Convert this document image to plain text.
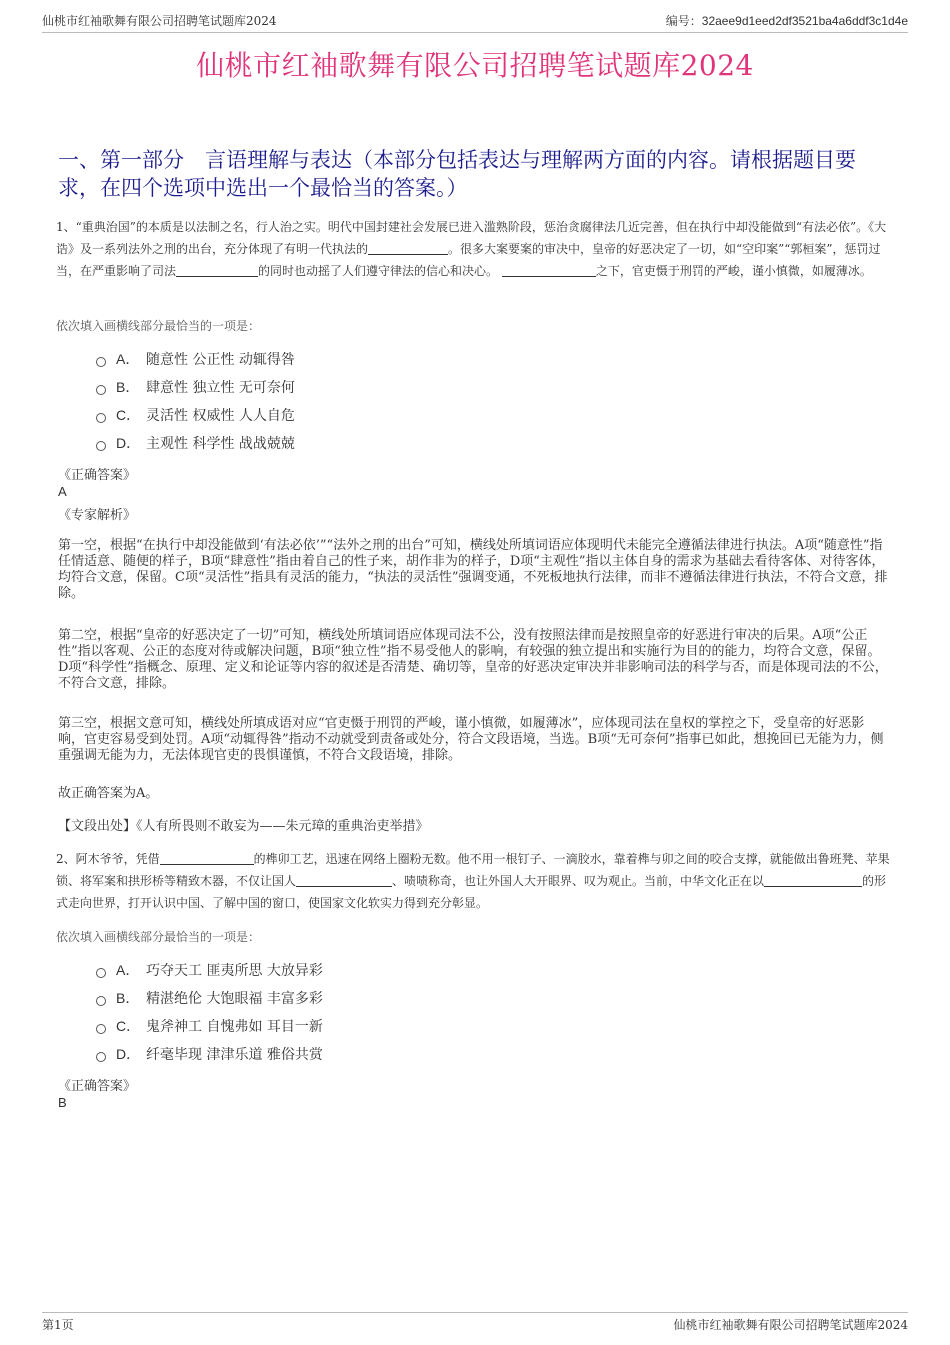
仙桃市红袖歌舞有限公司招聘笔试题库2024	编号：32aee9d1eed2df3521ba4a6ddf3c1d4e
仙桃市红袖歌舞有限公司招聘笔试题库2024
一、第一部分　言语理解与表达（本部分包括表达与理解两方面的内容。请根据题目要求，在四个选项中选出一个最恰当的答案。）
1、“重典治国”的本质是以法制之名，行人治之实。明代中国封建社会发展已进入滥熟阶段，惩治贪腐律法几近完善，但在执行中却没能做到“有法必依”。《大诰》及一系列法外之刑的出台，充分体现了有明一代执法的	。很多大案要案的审决中，皇帝的好恶决定了一切，如“空印案”“郭桓案”，惩罚过当，在严重影响了司法	的同时也动摇了人们遵守律法的信心和决心。	之下，官吏慑于刑罚的严峻，谨小慎微，如履薄冰。
依次填入画横线部分最恰当的一项是：
A． 随意性 公正性 动辄得咎
B． 肆意性 独立性 无可奈何
C． 灵活性 权威性 人人自危
D． 主观性 科学性 战战兢兢
《正确答案》
A
《专家解析》

第一空，根据“在执行中却没能做到‘有法必依’”“法外之刑的出台”可知，横线处所填词语应体现明代未能完全遵循法律进行执法。A项“随意性”指任情适意、随便的样子，B项“肆意性”指由着自己的性子来，胡作非为的样子，D项“主观性”指以主体自身的需求为基础去看待客体、对待客体，均符合文意，保留。C项“灵活性”指具有灵活的能力，“执法的灵活性”强调变通，不死板地执行法律，而非不遵循法律进行执法，不符合文意，排除。

第二空，根据“皇帝的好恶决定了一切”可知，横线处所填词语应体现司法不公，没有按照法律而是按照皇帝的好恶进行审决的后果。A项“公正性”指以客观、公正的态度对待或解决问题，B项“独立性”指不易受他人的影响，有较强的独立提出和实施行为目的的能力，均符合文意，保留。D项“科学性”指概念、原理、定义和论证等内容的叙述是否清楚、确切等，皇帝的好恶决定审决并非影响司法的科学与否，而是体现司法的不公，不符合文意，排除。

第三空，根据文意可知，横线处所填成语对应“官吏慑于刑罚的严峻，谨小慎微，如履薄冰”，应体现司法在皇权的掌控之下，受皇帝的好恶影响，官吏容易受到处罚。A项“动辄得咎”指动不动就受到责备或处分，符合文段语境，当选。B项“无可奈何”指事已如此，想挽回已无能为力，侧重强调无能为力，无法体现官吏的畏惧谨慎，不符合文段语境，排除。

故正确答案为A。

【文段出处】《人有所畏则不敢妄为——朱元璋的重典治吏举措》

2、阿木爷爷，凭借	的榫卯工艺，迅速在网络上圈粉无数。他不用一根钉子、一滴胶水，靠着榫与卯之间的咬合支撑，就能做出鲁班凳、苹果锁、将军案和拱形桥等精致木器，不仅让国人	、啧啧称奇，也让外国人大开眼界、叹为观止。当前，中华文化正在以	的形式走向世界，打开认识中国、了解中国的窗口，使国家文化软实力得到充分彰显。
依次填入画横线部分最恰当的一项是：
A． 巧夺天工 匪夷所思 大放异彩
B． 精湛绝伦 大饱眼福 丰富多彩
C． 鬼斧神工 自愧弗如 耳目一新
D． 纤毫毕现 津津乐道 雅俗共赏
《正确答案》
B
第1页	仙桃市红袖歌舞有限公司招聘笔试题库2024
